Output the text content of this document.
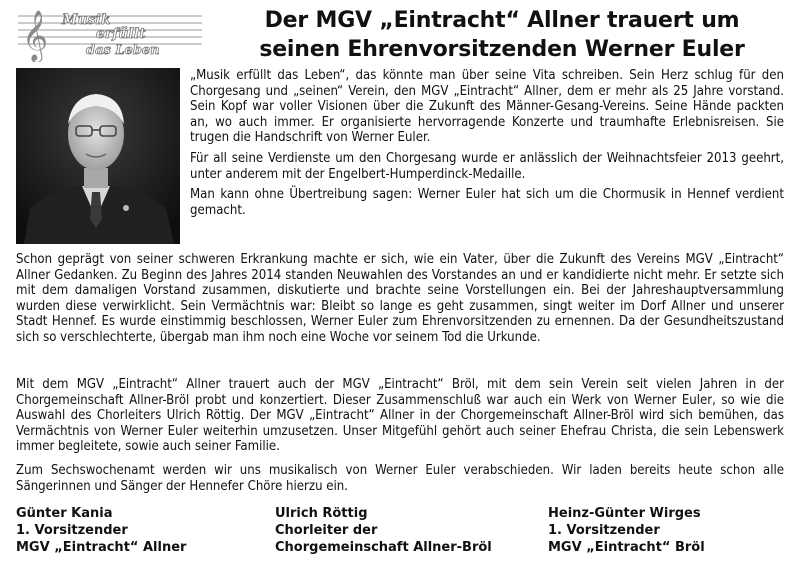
𝄞 Musik
erfüllt
das Leben
Der MGV „Eintracht“ Allner trauert um
seinen Ehrenvorsitzenden Werner Euler

„Musik erfüllt das Leben“, das könnte man über seine Vita schreiben. Sein Herz schlug für den Chorgesang und „seinen“ Verein, den MGV „Eintracht“ Allner, dem er mehr als 25 Jahre vorstand. Sein Kopf war voller Visionen über die Zukunft des Männer-Gesang-Vereins. Seine Hände packten an, wo auch immer. Er organisierte hervorragende Konzerte und traumhafte Erlebnisreisen. Sie trugen die Handschrift von Werner Euler.

Für all seine Verdienste um den Chorgesang wurde er anlässlich der Weihnachtsfeier 2013 geehrt, unter anderem mit der Engelbert-Humperdinck-Medaille.

Man kann ohne Übertreibung sagen: Werner Euler hat sich um die Chormusik in Hennef verdient gemacht.

Schon geprägt von seiner schweren Erkrankung machte er sich, wie ein Vater, über die Zukunft des Vereins MGV „Eintracht“ Allner Gedanken. Zu Beginn des Jahres 2014 standen Neuwahlen des Vorstandes an und er kandidierte nicht mehr. Er setzte sich mit dem damaligen Vorstand zusammen, diskutierte und brachte seine Vorstellungen ein. Bei der Jahreshauptversammlung wurden diese verwirklicht. Sein Vermächtnis war: Bleibt so lange es geht zusammen, singt weiter im Dorf Allner und unserer Stadt Hennef. Es wurde einstimmig beschlossen, Werner Euler zum Ehrenvorsitzenden zu ernennen. Da der Gesundheitszustand sich so verschlechterte, übergab man ihm noch eine Woche vor seinem Tod die Urkunde.

Mit dem MGV „Eintracht“ Allner trauert auch der MGV „Eintracht“ Bröl, mit dem sein Verein seit vielen Jahren in der Chorgemeinschaft Allner-Bröl probt und konzertiert. Dieser Zusammenschluß war auch ein Werk von Werner Euler, so wie die Auswahl des Chorleiters Ulrich Röttig. Der MGV „Eintracht“ Allner in der Chorgemeinschaft Allner-Bröl wird sich bemühen, das Vermächtnis von Werner Euler weiterhin umzusetzen. Unser Mitgefühl gehört auch seiner Ehefrau Christa, die sein Lebenswerk immer begleitete, sowie auch seiner Familie.

Zum Sechswochenamt werden wir uns musikalisch von Werner Euler verabschieden. Wir laden bereits heute schon alle Sängerinnen und Sänger der Hennefer Chöre hierzu ein.

Günter Kania
1. Vorsitzender
MGV „Eintracht“ Allner
Ulrich Röttig
Chorleiter der
Chorgemeinschaft Allner-Bröl
Heinz-Günter Wirges
1. Vorsitzender
MGV „Eintracht“ Bröl
